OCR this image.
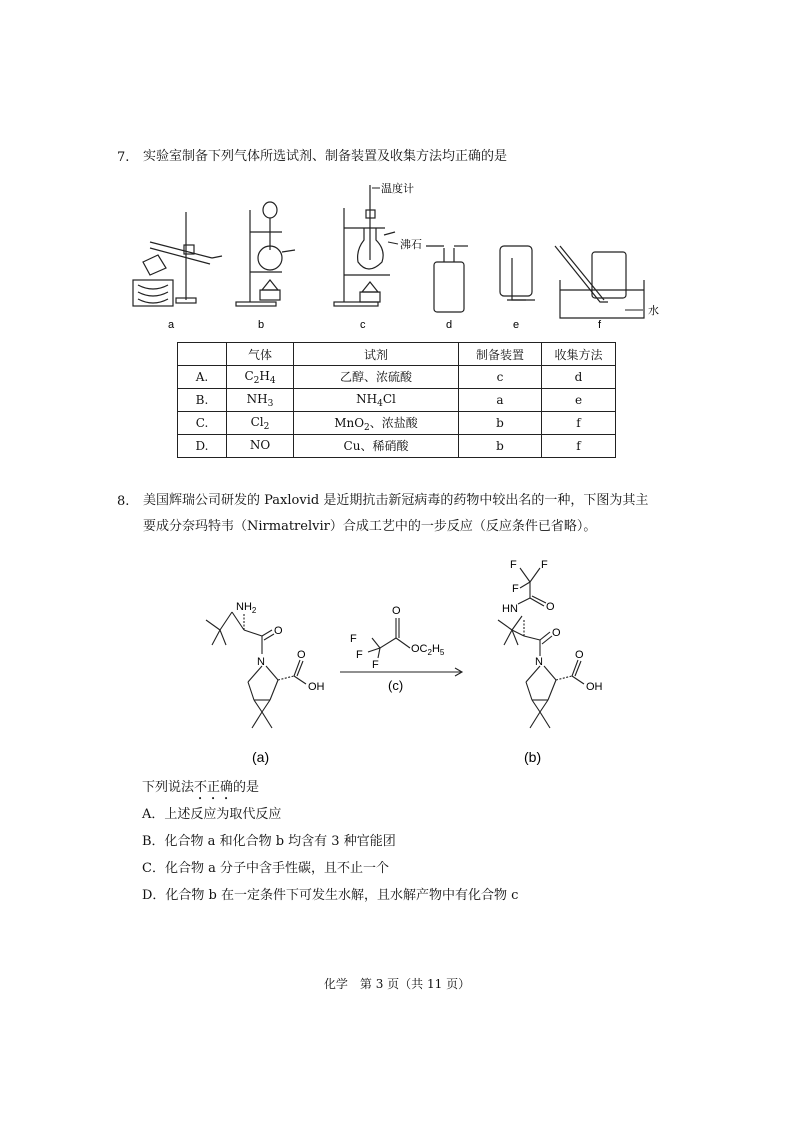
7. 实验室制备下列气体所选试剂、制备装置及收集方法均正确的是
a	b	c	d	e	f
温度计
沸石
水
	气体	试剂	制备装置	收集方法
A.	$C_2H_4$	乙醇、浓硫酸	c	d
B.	$NH_3$	$NH_4Cl$	a	e
C.	$Cl_2$	MnO$_2$、浓盐酸	b	f
D.	NO	Cu、稀硝酸	b	f
8. 美国辉瑞公司研发的 Paxlovid 是近期抗击新冠病毒的药物中较出名的一种，下图为其主
要成分奈玛特韦（Nirmatrelvir）合成工艺中的一步反应（反应条件已省略）。
$NH_2$
O
N
O
OH
O
F
F
F
$OC_2H_5$
(c)
F F
F
O
HN
O
N
O
OH
(a)	(b)
下列说法不正确的是
A．上述反应为取代反应
B．化合物 a 和化合物 b 均含有 3 种官能团
C．化合物 a 分子中含手性碳，且不止一个
D．化合物 b 在一定条件下可发生水解，且水解产物中有化合物 c
化学　第 3 页（共 11 页）
